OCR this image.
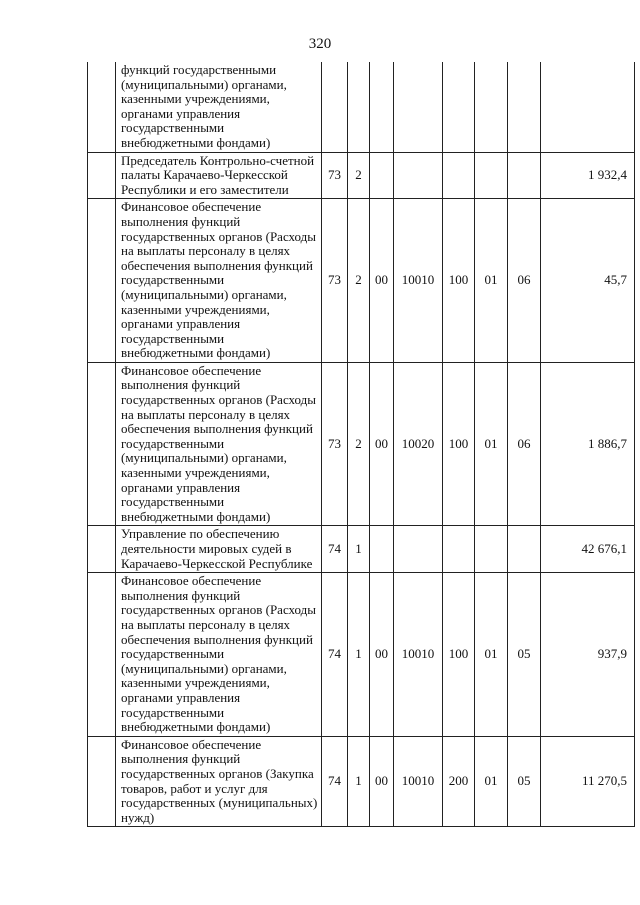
320
	функций государственными (муниципальными) органами, казенными учреждениями, органами управления государственными внебюджетными фондами)								
	Председатель Контрольно-счетной палаты Карачаево-Черкесской Республики и его заместители	73	2						1 932,4
	Финансовое обеспечение выполнения функций государственных органов (Расходы на выплаты персоналу в целях обеспечения выполнения функций государственными (муниципальными) органами, казенными учреждениями, органами управления государственными внебюджетными фондами)	73	2	00	10010	100	01	06	45,7
	Финансовое обеспечение выполнения функций государственных органов (Расходы на выплаты персоналу в целях обеспечения выполнения функций государственными (муниципальными) органами, казенными учреждениями, органами управления государственными внебюджетными фондами)	73	2	00	10020	100	01	06	1 886,7
	Управление по обеспечению деятельности мировых судей в Карачаево-Черкесской Республике	74	1						42 676,1
	Финансовое обеспечение выполнения функций государственных органов (Расходы на выплаты персоналу в целях обеспечения выполнения функций государственными (муниципальными) органами, казенными учреждениями, органами управления государственными внебюджетными фондами)	74	1	00	10010	100	01	05	937,9
	Финансовое обеспечение выполнения функций государственных органов (Закупка товаров, работ и услуг для государственных (муниципальных) нужд)	74	1	00	10010	200	01	05	11 270,5
